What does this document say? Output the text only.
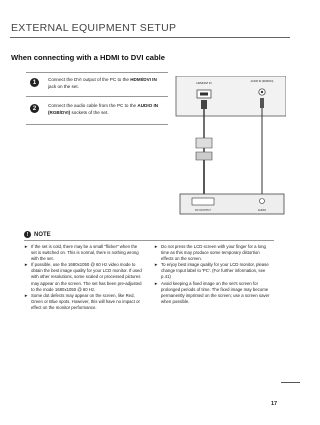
EXTERNAL EQUIPMENT SETUP
When connecting with a HDMI to DVI cable
1	Connect the DVI output of the PC to the HDMI/DVI IN jack on the set.
2	Connect the audio cable from the PC to the AUDIO IN (RGB/DVI) sockets of the set.
HDMI/DVI IN
AUDIO IN (RGB/DVI)
DVI OUTPUT	AUDIO
! NOTE
► If the set is cold, there may be a small "flicker" when the set is switched on. This is normal, there is nothing wrong with the set.
► If possible, use the 1680x1050 @ 60 Hz video mode to obtain the best image quality for your LCD monitor. If used with other resolutions, some scaled or processed pictures may appear on the screen. The set has been pre-adjusted to the mode 1680x1050 @ 60 Hz.
► Some dot defects may appear on the screen, like Red, Green or Blue spots. However, this will have no impact or effect on the monitor performance.
► Do not press the LCD screen with your finger for a long time as this may produce some temporary distortion effects on the screen.
► To enjoy best image quality for your LCD monitor, please change Input label to 'PC'. (For further information, see p.41)
► Avoid keeping a fixed image on the set's screen for prolonged periods of time. The fixed image may become permanently imprinted on the screen; use a screen saver when possible.
17
